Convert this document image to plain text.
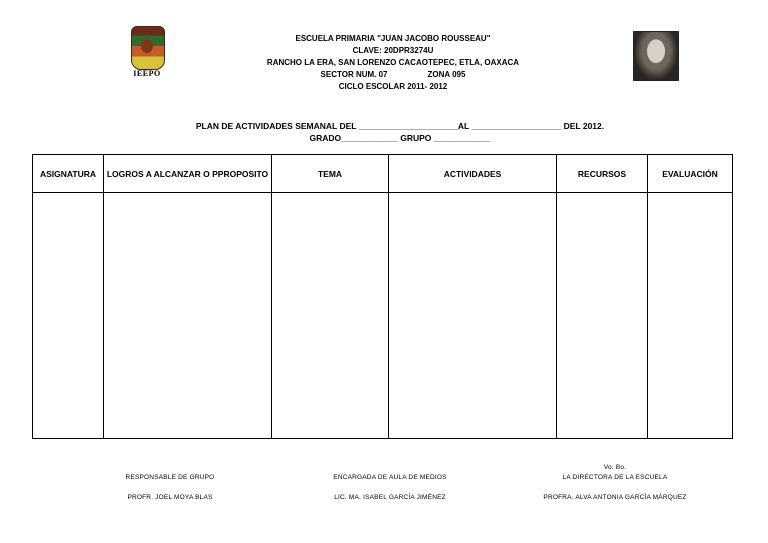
IEEPO
ESCUELA PRIMARIA "JUAN JACOBO ROUSSEAU"
CLAVE: 20DPR3274U
RANCHO LA ERA, SAN LORENZO CACAOTEPEC, ETLA, OAXACA
SECTOR NUM. 07	ZONA 095
CICLO ESCOLAR 2011- 2012
PLAN DE ACTIVIDADES SEMANAL DEL _____________________AL ___________________ DEL 2012.
GRADO____________ GRUPO ____________
ASIGNATURA	LOGROS A ALCANZAR O PPROPOSITO	TEMA	ACTIVIDADES	RECURSOS	EVALUACIÓN

RESPONSABLE DE GRUPO
PROFR. JOEL MOYA BLAS
ENCARGADA DE AULA DE MEDIOS
LIC. MA. ISABEL GARCÍA JIMÉNEZ
Vo. Bo.
LA DIRECTORA DE LA ESCUELA
PROFRA. ALVA ANTONIA GARCÍA MÁRQUEZ
